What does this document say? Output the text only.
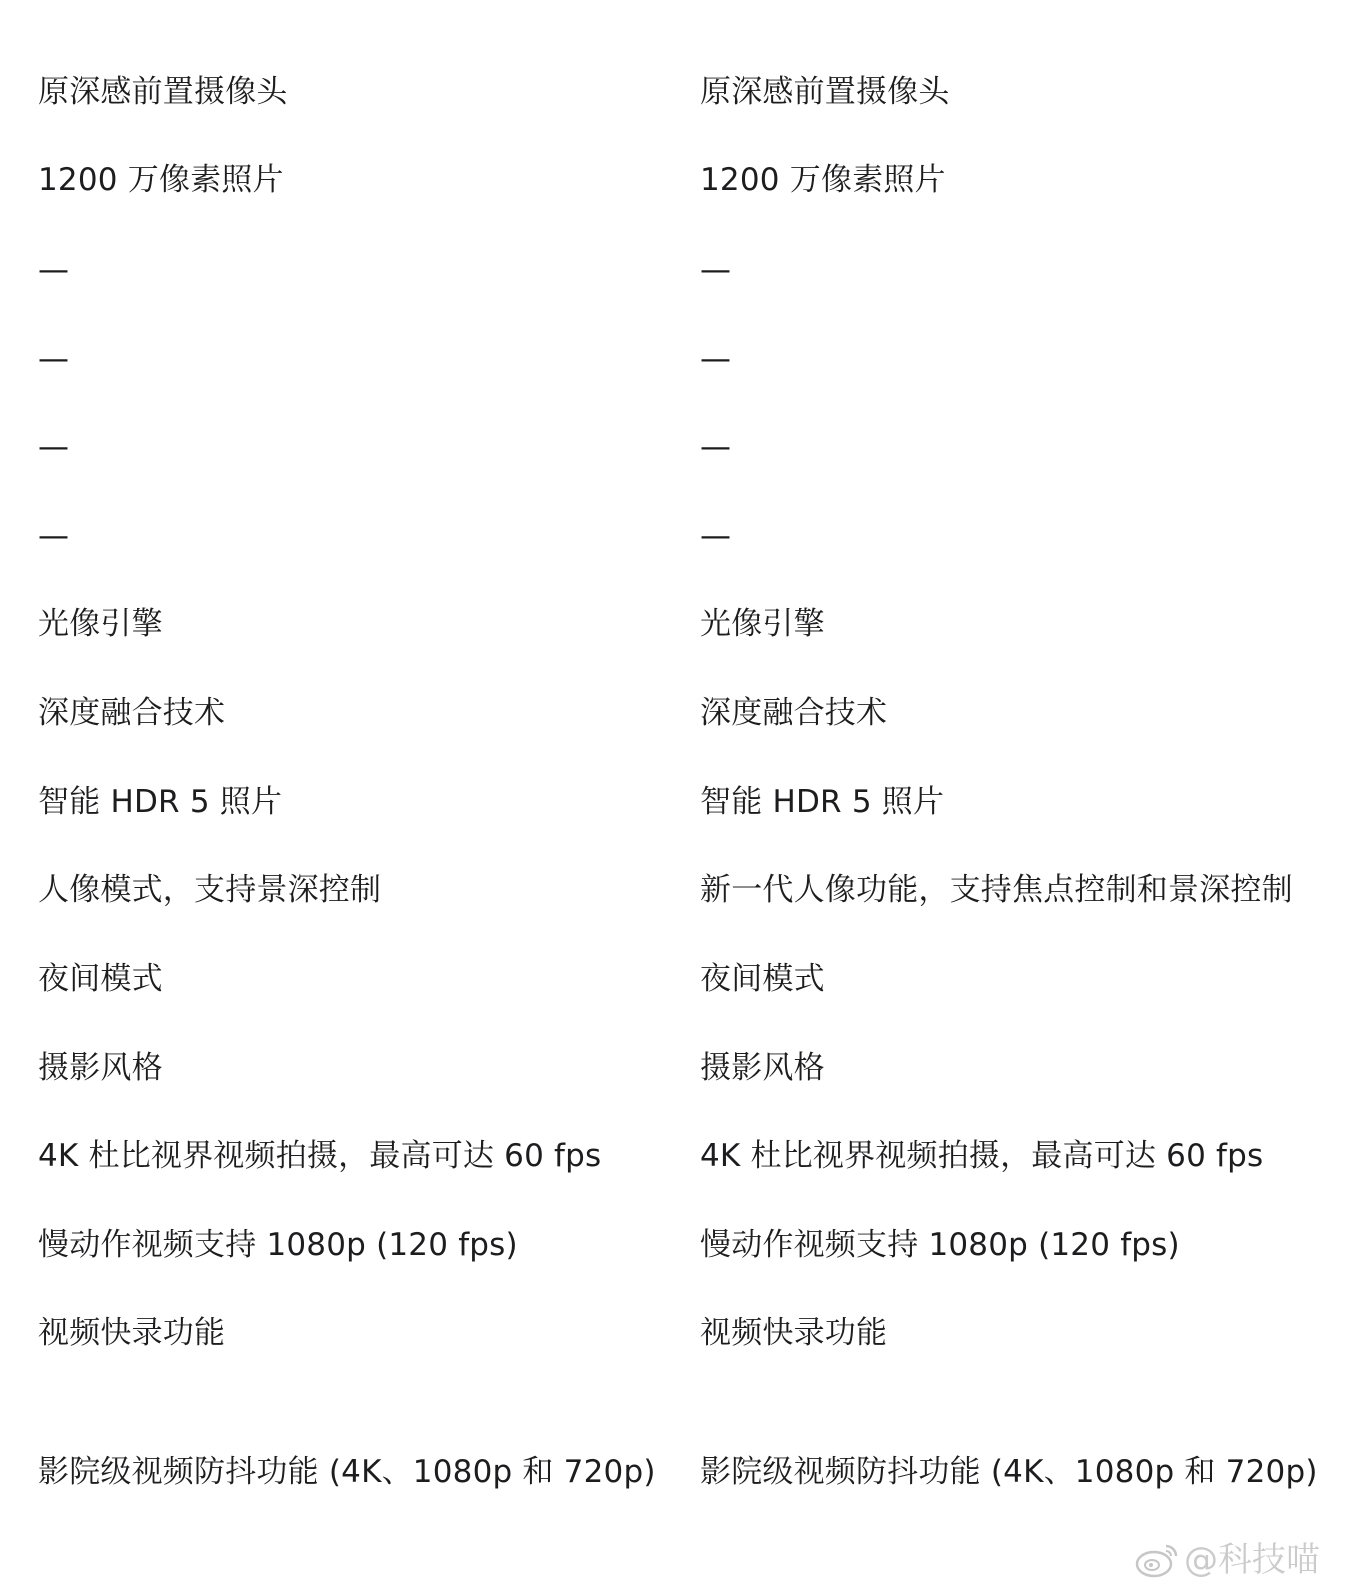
原深感前置摄像头
1200 万像素照片
—
—
—
—
光像引擎
深度融合技术
智能 HDR 5 照片
人像模式，支持景深控制
夜间模式
摄影风格
4K 杜比视界视频拍摄，最高可达 60 fps
慢动作视频支持 1080p (120 fps)
视频快录功能
影院级视频防抖功能 (4K、1080p 和 720p)
原深感前置摄像头
1200 万像素照片
—
—
—
—
光像引擎
深度融合技术
智能 HDR 5 照片
新一代人像功能，支持焦点控制和景深控制
夜间模式
摄影风格
4K 杜比视界视频拍摄，最高可达 60 fps
慢动作视频支持 1080p (120 fps)
视频快录功能
影院级视频防抖功能 (4K、1080p 和 720p)
@科技喵
